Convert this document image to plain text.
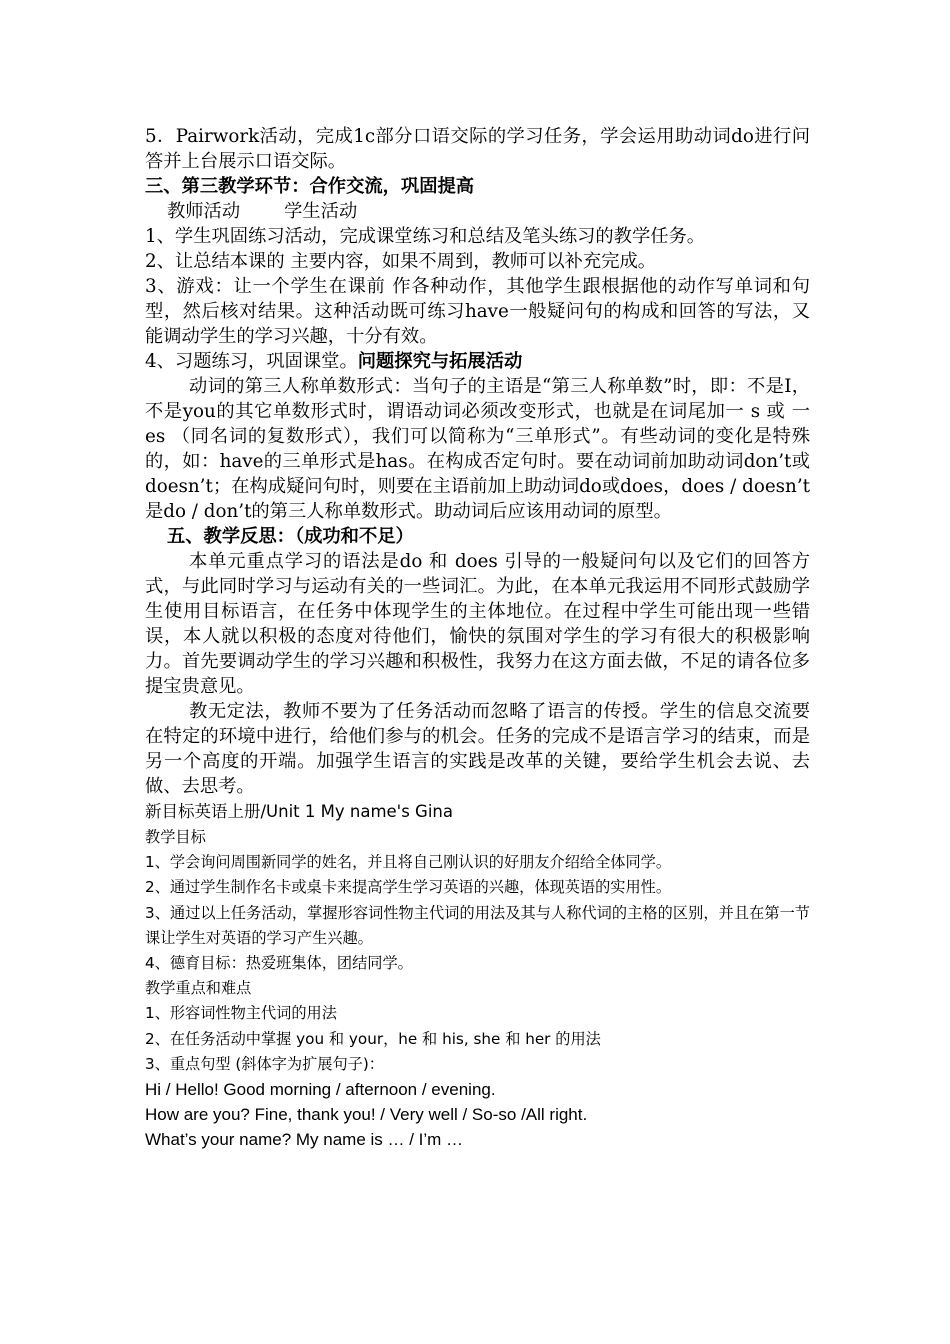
5．Pairwork活动，完成1c部分口语交际的学习任务，学会运用助动词do进行问答并上台展示口语交际。

三、第三教学环节：合作交流，巩固提高

教师活动 学生活动

1、学生巩固练习活动，完成课堂练习和总结及笔头练习的教学任务。

2、让总结本课的 主要内容，如果不周到，教师可以补充完成。

3、游戏：让一个学生在课前 作各种动作，其他学生跟根据他的动作写单词和句型，然后核对结果。这种活动既可练习have一般疑问句的构成和回答的写法，又能调动学生的学习兴趣，十分有效。

4、习题练习，巩固课堂。问题探究与拓展活动

动词的第三人称单数形式：当句子的主语是“第三人称单数”时，即：不是I，不是you的其它单数形式时，谓语动词必须改变形式，也就是在词尾加一 s 或 一es （同名词的复数形式），我们可以简称为“三单形式”。有些动词的变化是特殊的，如：have的三单形式是has。在构成否定句时。要在动词前加助动词don’t或doesn’t；在构成疑问句时，则要在主语前加上助动词do或does，does / doesn’t是do / don’t的第三人称单数形式。助动词后应该用动词的原型。

五、教学反思：（成功和不足）

本单元重点学习的语法是do 和 does 引导的一般疑问句以及它们的回答方式，与此同时学习与运动有关的一些词汇。为此，在本单元我运用不同形式鼓励学生使用目标语言，在任务中体现学生的主体地位。在过程中学生可能出现一些错误，本人就以积极的态度对待他们，愉快的氛围对学生的学习有很大的积极影响力。首先要调动学生的学习兴趣和积极性，我努力在这方面去做，不足的请各位多提宝贵意见。

教无定法，教师不要为了任务活动而忽略了语言的传授。学生的信息交流要在特定的环境中进行，给他们参与的机会。任务的完成不是语言学习的结束，而是另一个高度的开端。加强学生语言的实践是改革的关键，要给学生机会去说、去做、去思考。

新目标英语上册/Unit 1 My name's Gina

教学目标

1、学会询问周围新同学的姓名，并且将自己刚认识的好朋友介绍给全体同学。

2、通过学生制作名卡或桌卡来提高学生学习英语的兴趣，体现英语的实用性。

3、通过以上任务活动，掌握形容词性物主代词的用法及其与人称代词的主格的区别，并且在第一节课让学生对英语的学习产生兴趣。

4、德育目标：热爱班集体，团结同学。

教学重点和难点

1、形容词性物主代词的用法

2、在任务活动中掌握 you 和 your，he 和 his, she 和 her 的用法

3、重点句型 (斜体字为扩展句子)：

Hi / Hello! Good morning / afternoon / evening.

How are you? Fine, thank you! / Very well / So-so /All right.

What’s your name? My name is … / I’m …
